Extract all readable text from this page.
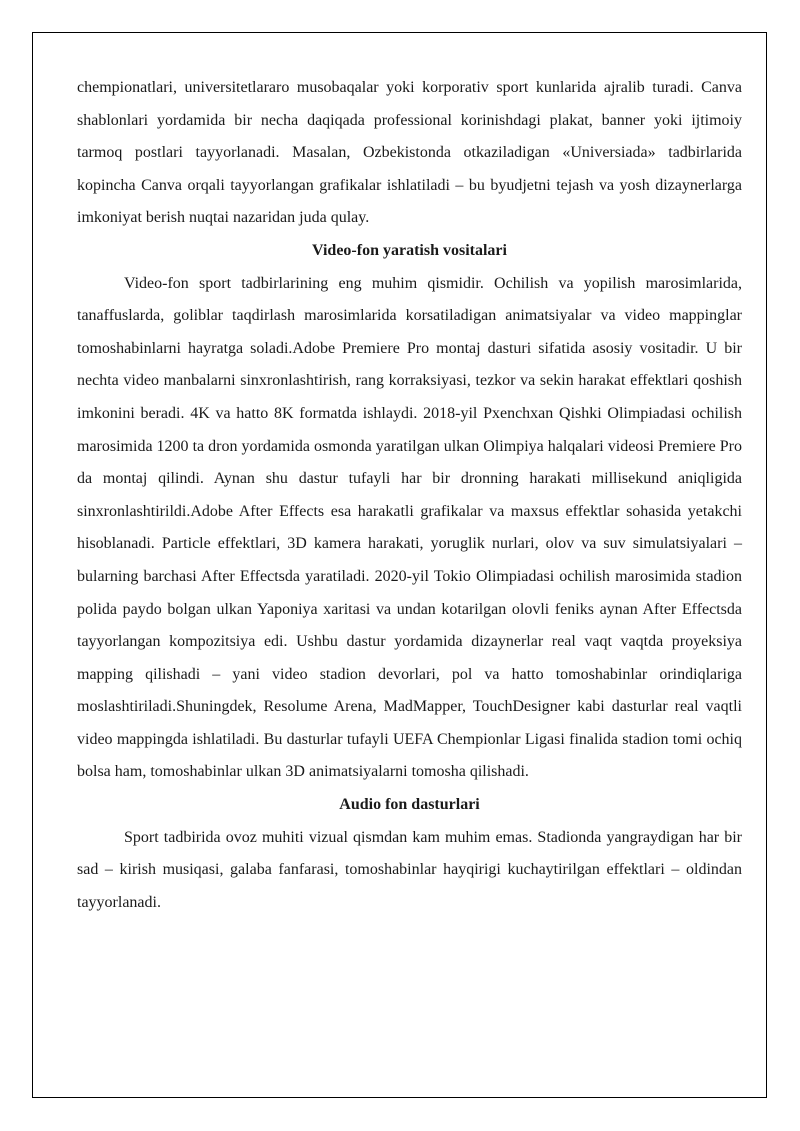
chempionatlari, universitetlararo musobaqalar yoki korporativ sport kunlarida ajralib turadi. Canva shablonlari yordamida bir necha daqiqada professional korinishdagi plakat, banner yoki ijtimoiy tarmoq postlari tayyorlanadi. Masalan, Ozbekistonda otkaziladigan «Universiada» tadbirlarida kopincha Canva orqali tayyorlangan grafikalar ishlatiladi – bu byudjetni tejash va yosh dizaynerlarga imkoniyat berish nuqtai nazaridan juda qulay.

Video-fon yaratish vositalari

Video-fon sport tadbirlarining eng muhim qismidir. Ochilish va yopilish marosimlarida, tanaffuslarda, goliblar taqdirlash marosimlarida korsatiladigan animatsiyalar va video mappinglar tomoshabinlarni hayratga soladi.Adobe Premiere Pro montaj dasturi sifatida asosiy vositadir. U bir nechta video manbalarni sinxronlashtirish, rang korraksiyasi, tezkor va sekin harakat effektlari qoshish imkonini beradi. 4K va hatto 8K formatda ishlaydi. 2018-yil Pxenchxan Qishki Olimpiadasi ochilish marosimida 1200 ta dron yordamida osmonda yaratilgan ulkan Olimpiya halqalari videosi Premiere Pro da montaj qilindi. Aynan shu dastur tufayli har bir dronning harakati millisekund aniqligida sinxronlashtirildi.Adobe After Effects esa harakatli grafikalar va maxsus effektlar sohasida yetakchi hisoblanadi. Particle effektlari, 3D kamera harakati, yoruglik nurlari, olov va suv simulatsiyalari – bularning barchasi After Effectsda yaratiladi. 2020-yil Tokio Olimpiadasi ochilish marosimida stadion polida paydo bolgan ulkan Yaponiya xaritasi va undan kotarilgan olovli feniks aynan After Effectsda tayyorlangan kompozitsiya edi. Ushbu dastur yordamida dizaynerlar real vaqt vaqtda proyeksiya mapping qilishadi – yani video stadion devorlari, pol va hatto tomoshabinlar orindiqlariga moslashtiriladi.Shuningdek, Resolume Arena, MadMapper, TouchDesigner kabi dasturlar real vaqtli video mappingda ishlatiladi. Bu dasturlar tufayli UEFA Chempionlar Ligasi finalida stadion tomi ochiq bolsa ham, tomoshabinlar ulkan 3D animatsiyalarni tomosha qilishadi.

Audio fon dasturlari

Sport tadbirida ovoz muhiti vizual qismdan kam muhim emas. Stadionda yangraydigan har bir sad – kirish musiqasi, galaba fanfarasi, tomoshabinlar hayqirigi kuchaytirilgan effektlari – oldindan tayyorlanadi.
